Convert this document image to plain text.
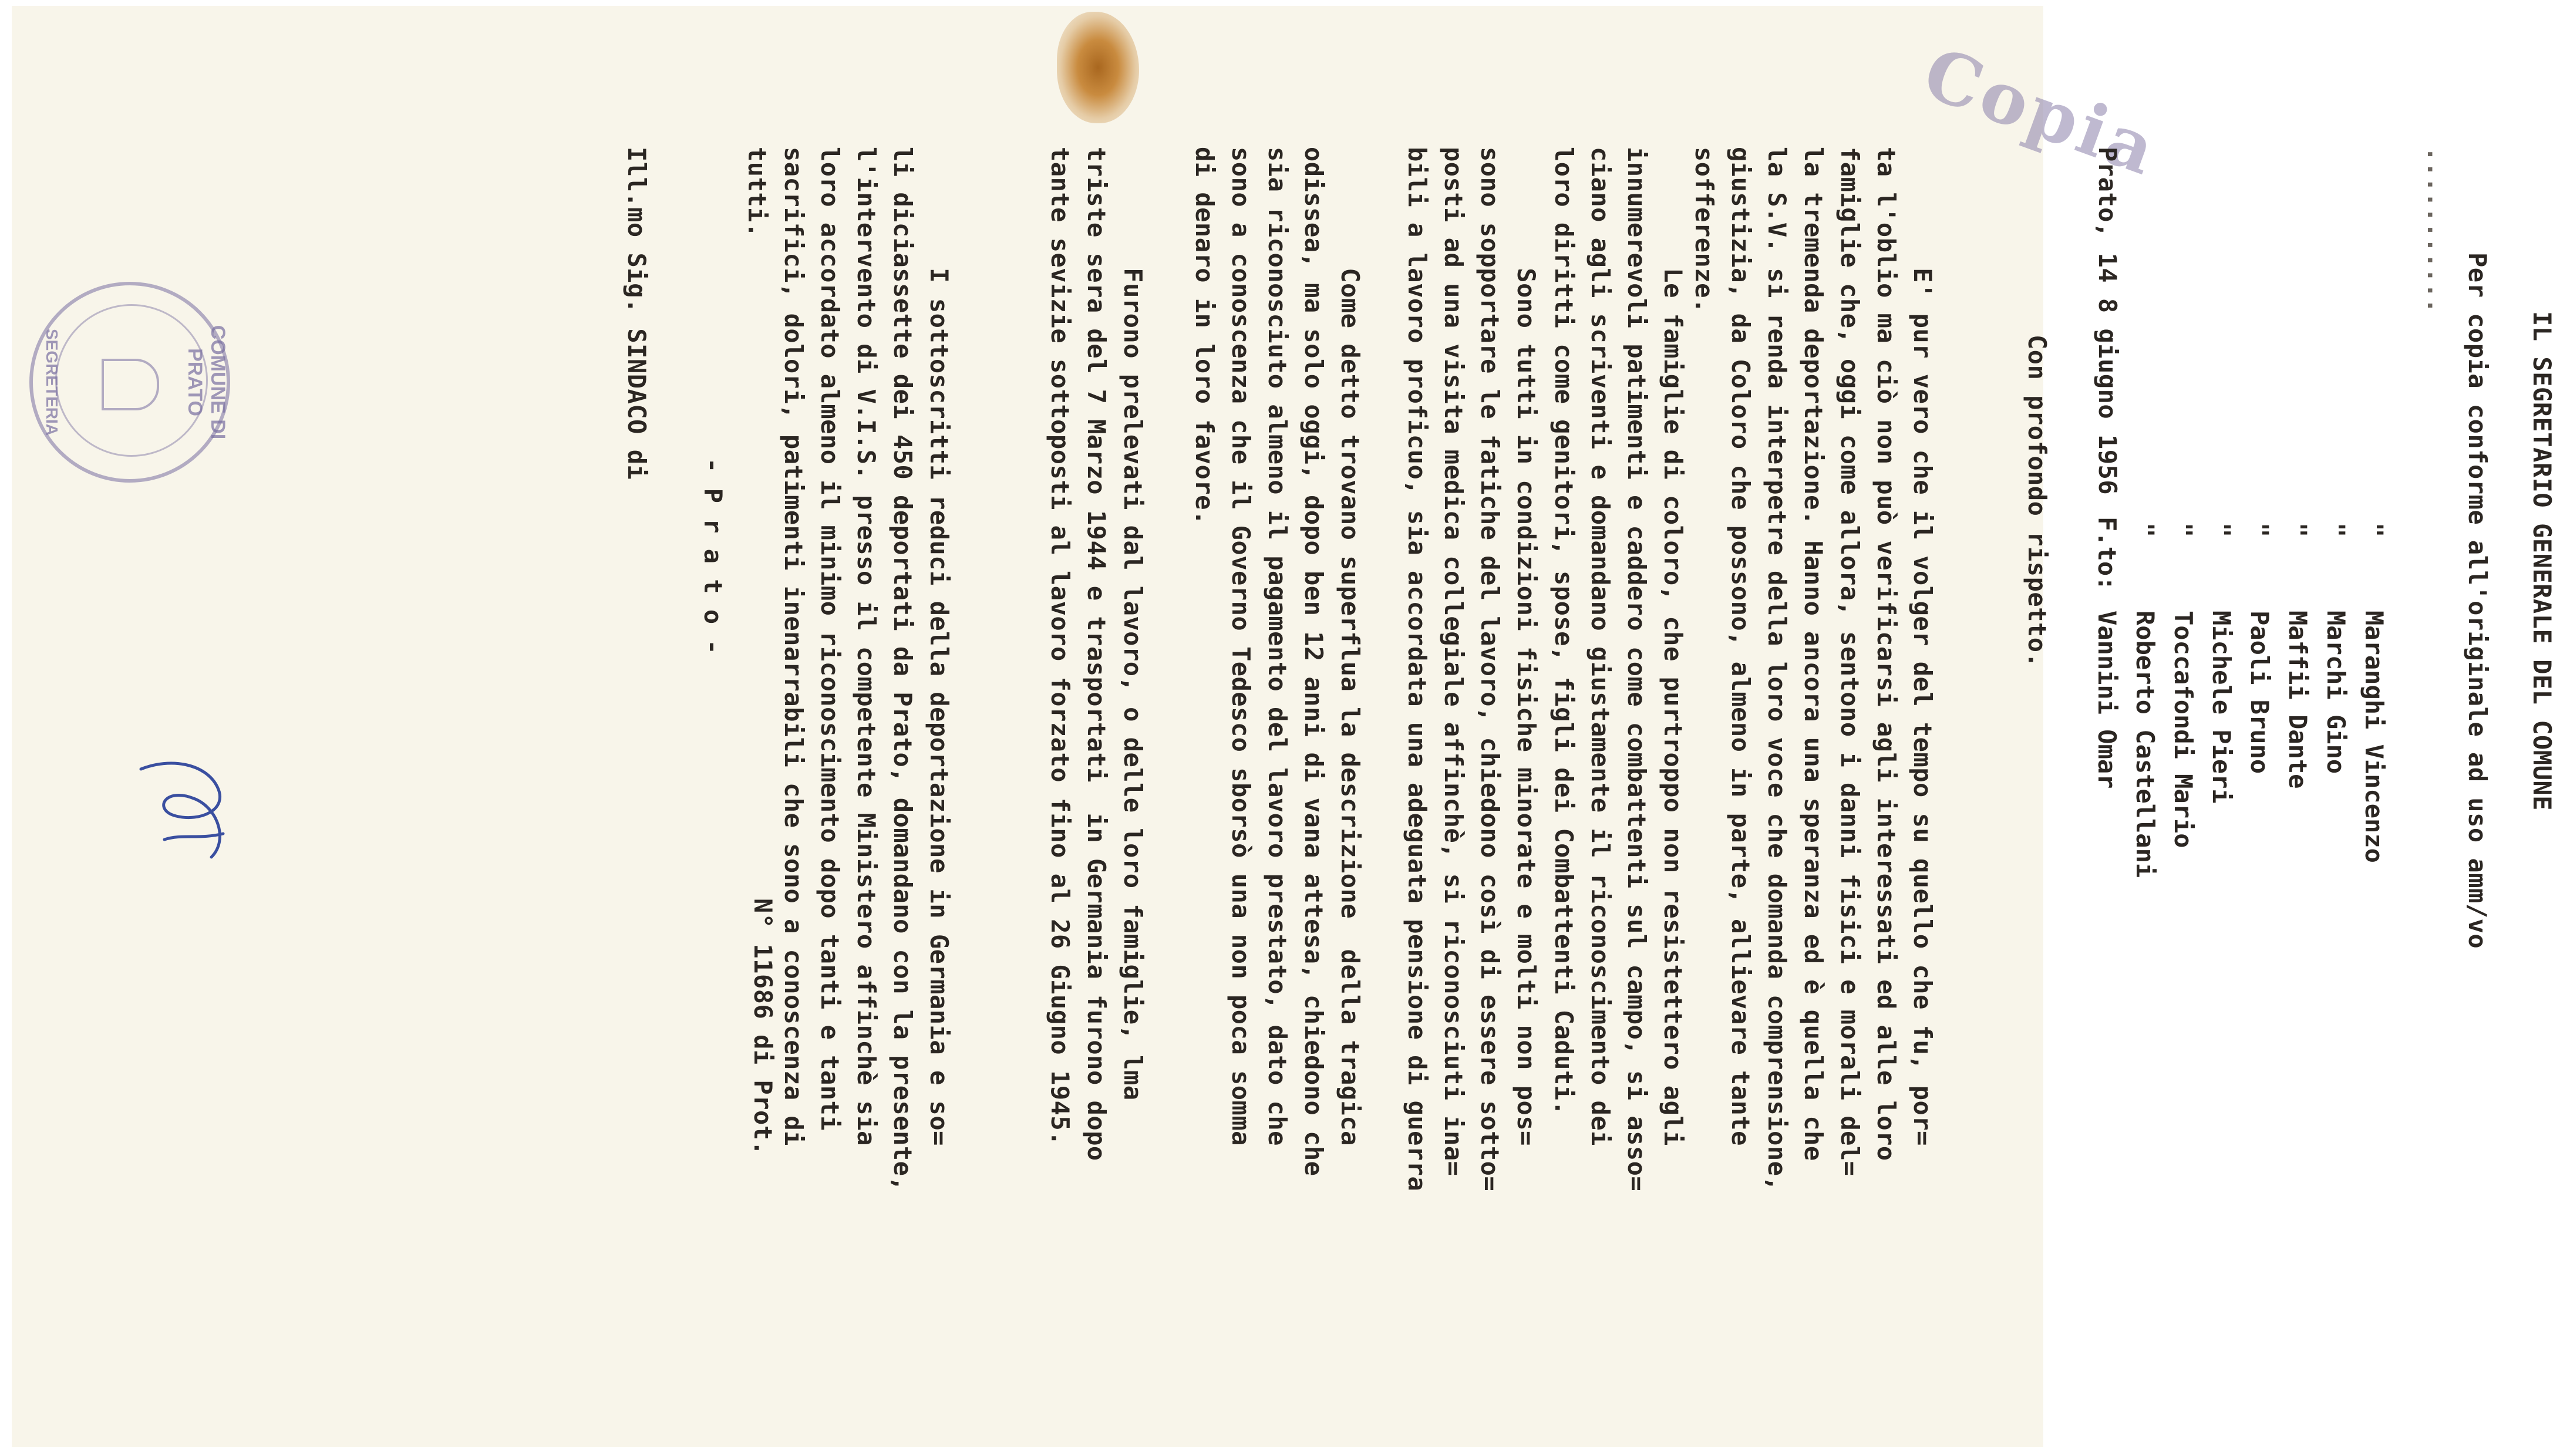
Copia
N° 11686 di Prot.
Ill.mo Sig. SINDACO di
- P r a t o -
I sottoscritti reduci della deportazione in Germania e so=
li diciassette dei 450 deportati da Prato, domandano con la presente,
l'intervento di V.I.S. presso il competente Ministero affinchè sia
loro accordato almeno il minimo riconoscimento dopo tanti e tanti
sacrifici, dolori, patimenti inenarrabili che sono a conoscenza di
tutti.
Furono prelevati dal lavoro, o delle loro famiglie, lma
triste sera del 7 Marzo 1944 e trasportati  in Germania furono dopo
tante sevizie sottoposti al lavoro forzato fino al 26 Giugno 1945.
Come detto trovano superflua la descrizione  della tragica
odissea, ma solo oggi, dopo ben 12 anni di vana attesa, chiedono che
sia riconosciuto almeno il pagamento del lavoro prestato, dato che
sono a conoscenza che il Governo Tedesco sborsò una non poca somma
di denaro in loro favore.
Sono tutti in condizioni fisiche minorate e molti non pos=
sono sopportare le fatiche del lavoro, chiedono così di essere sotto=
posti ad una visita medica collegiale affinchè, si riconosciuti ina=
bili a lavoro proficuo, sia accordata una adeguata pensione di guerra
Le famiglie di coloro, che purtroppo non resistettero agli
innumerevoli patimenti e caddero come combattenti sul campo, si asso=
ciano agli scriventi e domandano giustamente il riconoscimento dei
loro diritti come genitori, spose, figli dei Combattenti Caduti.
E' pur vero che il volger del tempo su quello che fu, por=
ta l'oblio ma ciò non può verificarsi agli interessati ed alle loro
famiglie che, oggi come allora, sentono i danni fisici e morali del=
la tremenda deportazione. Hanno ancora una speranza ed è quella che
la S.V. si renda interpetre della loro voce che domanda comprensione,
giustizia, da Coloro che possono, almeno in parte, allievare tante
sofferenze.
Con profondo rispetto.
Prato, 14 8 giugno 1956
F.to:
Vannini Omar
"
Roberto Castellani
"
Toccafondi Mario
"
Michele Pieri
"
Paoli Bruno
"
Maffii Dante
"
Marchi Gino
"
Maranghi Vincenzo
...........
Per copia conforme all'originale ad uso amm/vo IL SEGRETARIO GENERALE DEL COMUNE
COMUNE DI PRATO
SEGRETERIA
